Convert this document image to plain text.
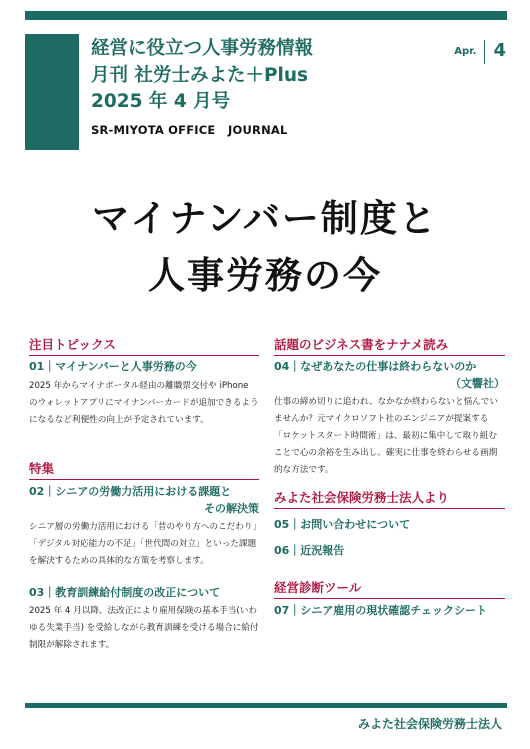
経営に役立つ人事労務情報
月刊 社労士みよた＋Plus
2025 年 4 月号
SR-MIYOTA OFFICE   JOURNAL
Apr. 4
マイナンバー制度と
人事労務の今
注目トピックス
01｜マイナンバーと人事労務の今
2025 年からマイナポータル経由の離職票交付や iPhone のウォレットアプリにマイナンバーカードが追加できるようになるなど利便性の向上が予定されています。
特集
02｜シニアの労働力活用における課題と
その解決策
シニア層の労働力活用における「昔のやり方へのこだわり」「デジタル対応能力の不足」「世代間の対立」といった課題を解決するための具体的な方策を考察します。
03｜教育訓練給付制度の改正について
2025 年 4 月以降、法改正により雇用保険の基本手当(いわゆる失業手当) を受給しながら教育訓練を受ける場合に給付制限が解除されます。
話題のビジネス書をナナメ読み
04｜なぜあなたの仕事は終わらないのか
（文響社）
仕事の締め切りに追われ、なかなか終わらないと悩んでいませんか？元マイクロソフト社のエンジニアが提案する「ロケットスタート時間術」は、最初に集中して取り組むことで心の余裕を生み出し、確実に仕事を終わらせる画期的な方法です。
みよた社会保険労務士法人より
05｜お問い合わせについて
06｜近況報告
経営診断ツール
07｜シニア雇用の現状確認チェックシート
みよた社会保険労務士法人
